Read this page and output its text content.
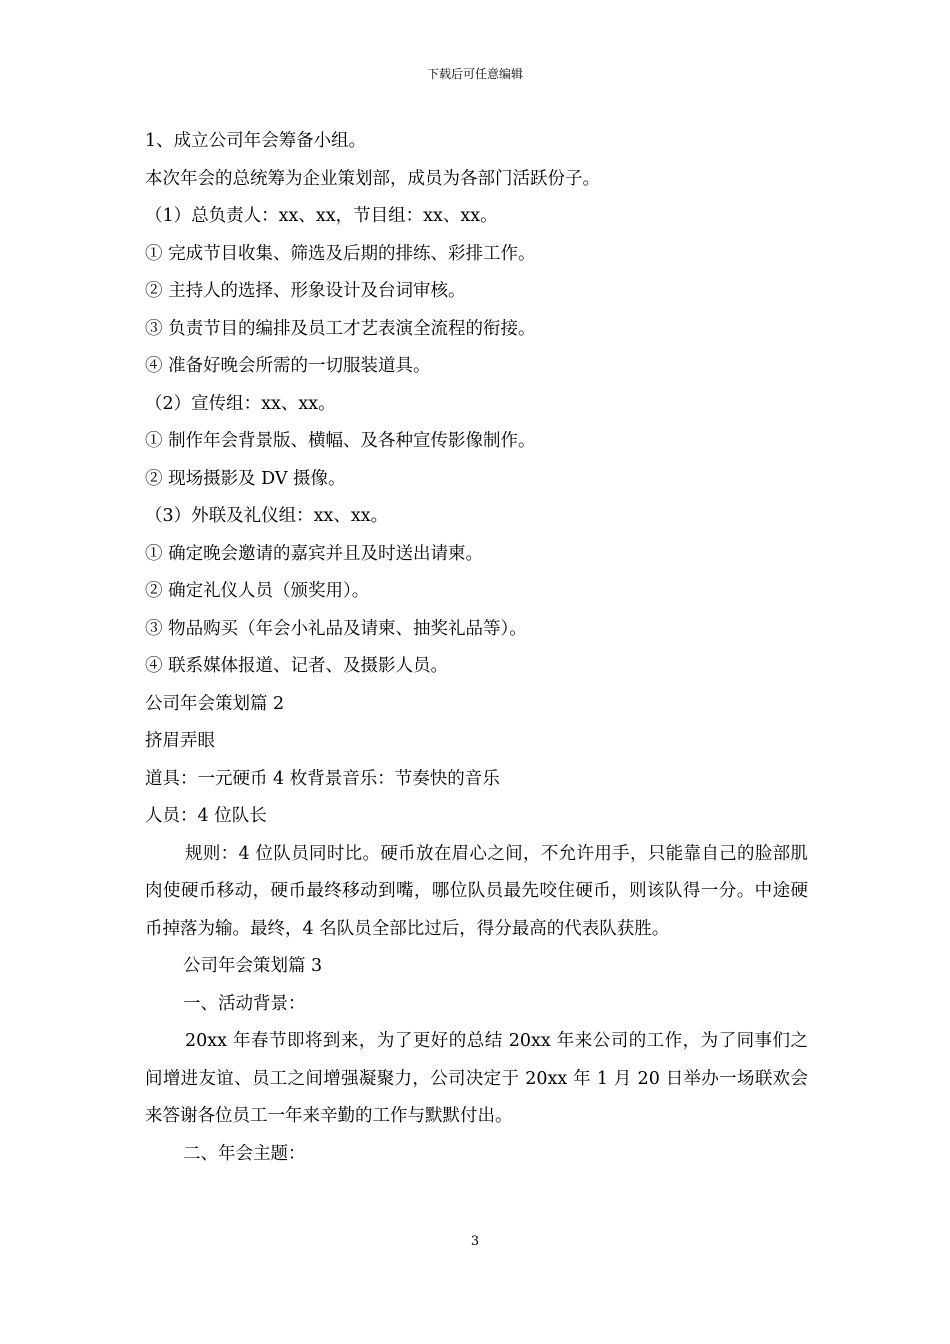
下载后可任意编辑
1、成立公司年会筹备小组。
本次年会的总统筹为企业策划部，成员为各部门活跃份子。
（1）总负责人：xx、xx，节目组：xx、xx。
① 完成节目收集、筛选及后期的排练、彩排工作。
② 主持人的选择、形象设计及台词审核。
③ 负责节目的编排及员工才艺表演全流程的衔接。
④ 准备好晚会所需的一切服装道具。
（2）宣传组：xx、xx。
① 制作年会背景版、横幅、及各种宣传影像制作。
② 现场摄影及 DV 摄像。
（3）外联及礼仪组：xx、xx。
① 确定晚会邀请的嘉宾并且及时送出请柬。
② 确定礼仪人员（颁奖用）。
③ 物品购买（年会小礼品及请柬、抽奖礼品等）。
④ 联系媒体报道、记者、及摄影人员。
公司年会策划篇 2
挤眉弄眼
道具：一元硬币 4 枚背景音乐：节奏快的音乐
人员：4 位队长
规则：4 位队员同时比。硬币放在眉心之间，不允许用手，只能靠自己的脸部肌肉使硬币移动，硬币最终移动到嘴，哪位队员最先咬住硬币，则该队得一分。中途硬币掉落为输。最终，4 名队员全部比过后，得分最高的代表队获胜。
公司年会策划篇 3
一、活动背景：
20xx 年春节即将到来，为了更好的总结 20xx 年来公司的工作，为了同事们之间增进友谊、员工之间增强凝聚力，公司决定于 20xx 年 1 月 20 日举办一场联欢会来答谢各位员工一年来辛勤的工作与默默付出。
二、年会主题：
3
